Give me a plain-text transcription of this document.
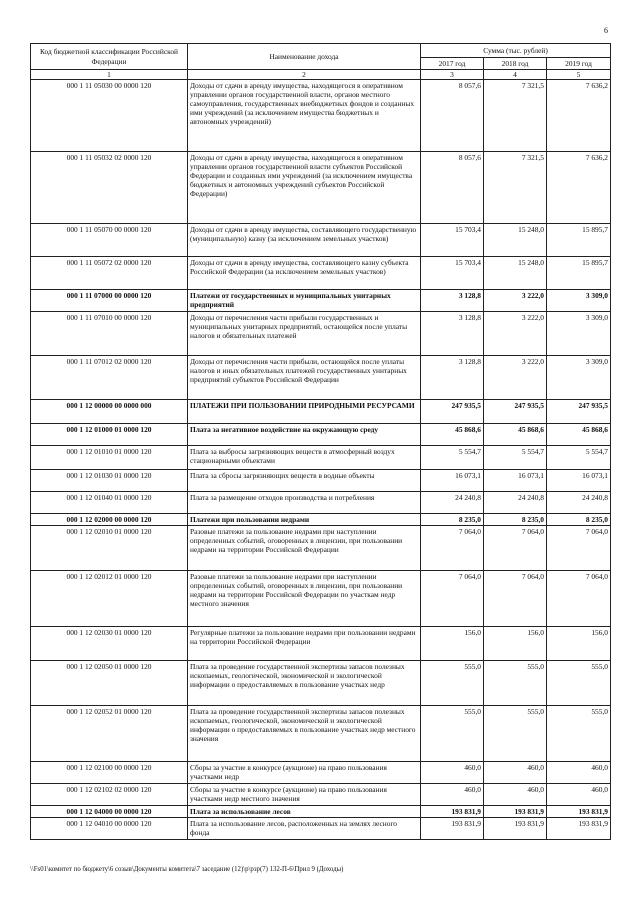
6
Код бюджетной классификации Российской Федерации	Наименование дохода	Сумма (тыс. рублей)		
		2017 год	2018 год	2019 год
1	2	3	4	5
000 1 11 05030 00 0000 120	Доходы от сдачи в аренду имущества, находящегося в оперативном управлении органов государственной власти, органов местного самоуправления, государственных внебюджетных фондов и созданных ими учреждений (за исключением имущества бюджетных и автономных учреждений)	8 057,6	7 321,5	7 636,2
000 1 11 05032 02 0000 120	Доходы от сдачи в аренду имущества, находящегося в оперативном управлении органов государственной власти субъектов Российской Федерации и созданных ими учреждений (за исключением имущества бюджетных и автономных учреждений субъектов Российской Федерации)	8 057,6	7 321,5	7 636,2
000 1 11 05070 00 0000 120	Доходы от сдачи в аренду имущества, составляющего государственную (муниципальную) казну (за исключением земельных участков)	15 703,4	15 248,0	15 895,7
000 1 11 05072 02 0000 120	Доходы от сдачи в аренду имущества, составляющего казну субъекта Российской Федерации (за исключением земельных участков)	15 703,4	15 248,0	15 895,7
000 1 11 07000 00 0000 120	Платежи от государственных и муниципальных унитарных предприятий	3 128,8	3 222,0	3 309,0
000 1 11 07010 00 0000 120	Доходы от перечисления части прибыли государственных и муниципальных унитарных предприятий, остающейся после уплаты налогов и обязательных платежей	3 128,8	3 222,0	3 309,0
000 1 11 07012 02 0000 120	Доходы от перечисления части прибыли, остающейся после уплаты налогов и иных обязательных платежей государственных унитарных предприятий субъектов Российской Федерации	3 128,8	3 222,0	3 309,0
000 1 12 00000 00 0000 000	ПЛАТЕЖИ ПРИ ПОЛЬЗОВАНИИ ПРИРОДНЫМИ РЕСУРСАМИ	247 935,5	247 935,5	247 935,5
000 1 12 01000 01 0000 120	Плата за негативное воздействие на окружающую среду	45 868,6	45 868,6	45 868,6
000 1 12 01010 01 0000 120	Плата за выбросы загрязняющих веществ в атмосферный воздух стационарными объектами	5 554,7	5 554,7	5 554,7
000 1 12 01030 01 0000 120	Плата за сбросы загрязняющих веществ в водные объекты	16 073,1	16 073,1	16 073,1
000 1 12 01040 01 0000 120	Плата за размещение отходов производства и потребления	24 240,8	24 240,8	24 240,8
000 1 12 02000 00 0000 120	Платежи при пользовании недрами	8 235,0	8 235,0	8 235,0
000 1 12 02010 01 0000 120	Разовые платежи за пользование недрами при наступлении определенных событий, оговоренных в лицензии, при пользовании недрами на территории Российской Федерации	7 064,0	7 064,0	7 064,0
000 1 12 02012 01 0000 120	Разовые платежи за пользование недрами при наступлении определенных событий, оговоренных в лицензии, при пользовании недрами на территории Российской Федерации по участкам недр местного значения	7 064,0	7 064,0	7 064,0
000 1 12 02030 01 0000 120	Регулярные платежи за пользование недрами при пользовании недрами на территории Российской Федерации	156,0	156,0	156,0
000 1 12 02050 01 0000 120	Плата за проведение государственной экспертизы запасов полезных ископаемых, геологической, экономической и экологической информации о предоставляемых в пользование участках недр	555,0	555,0	555,0
000 1 12 02052 01 0000 120	Плата за проведение государственной экспертизы запасов полезных ископаемых, геологической, экономической и экологической информации о предоставляемых в пользование участках недр местного значения	555,0	555,0	555,0
000 1 12 02100 00 0000 120	Сборы за участие в конкурсе (аукционе) на право пользования участками недр	460,0	460,0	460,0
000 1 12 02102 02 0000 120	Сборы за участие в конкурсе (аукционе) на право пользования участками недр местного значения	460,0	460,0	460,0
000 1 12 04000 00 0000 120	Плата за использование лесов	193 831,9	193 831,9	193 831,9
000 1 12 04010 00 0000 120	Плата за использование лесов, расположенных на землях лесного фонда	193 831,9	193 831,9	193 831,9
\\Fs01\комитет по бюджету\6 созыв\Документы комитета\7 заседание (12)\р\рзр(7) 132-П-6\Прил 9 (Доходы)
